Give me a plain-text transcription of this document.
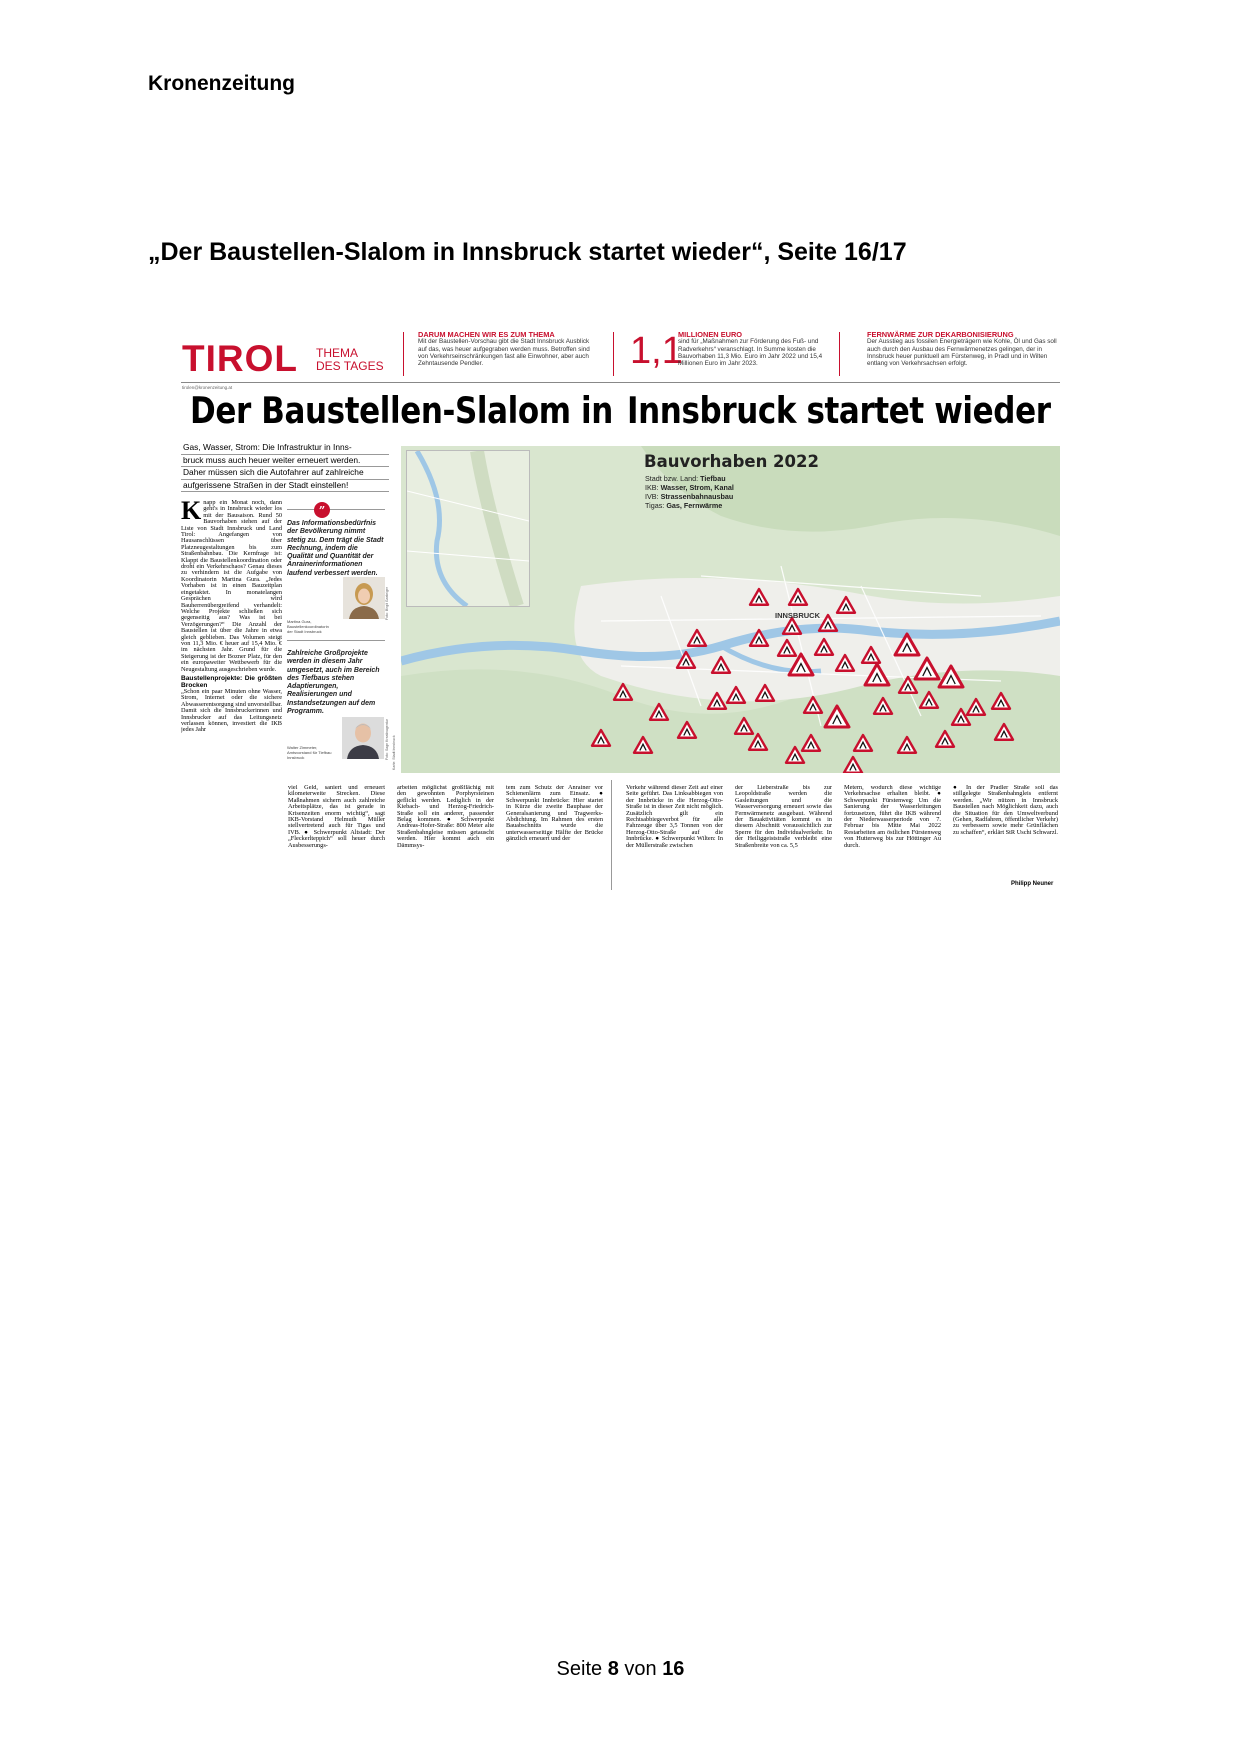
Kronenzeitung
„Der Baustellen-Slalom in Innsbruck startet wieder“, Seite 16/17
TIROL THEMA
DES TAGES
DARUM MACHEN WIR ES ZUM THEMA
Mit der Baustellen-Vorschau gibt die Stadt Innsbruck Ausblick auf das, was heuer aufgegraben werden muss. Betroffen sind von Verkehrseinschränkungen fast alle Einwohner, aber auch Zehntausende Pendler.	1,1
MILLIONEN EURO
sind für „Maßnahmen zur Förderung des Fuß- und Radverkehrs“ veranschlagt. In Summe kosten die Bauvorhaben 11,3 Mio. Euro im Jahr 2022 und 15,4 Millionen Euro im Jahr 2023.
FERNWÄRME ZUR DEKARBONISIERUNG
Der Ausstieg aus fossilen Energieträgern wie Kohle, Öl und Gas soll auch durch den Ausbau des Fernwärmenetzes gelingen, der in Innsbruck heuer punktuell am Fürstenweg, in Pradl und in Wilten entlang von Verkehrsachsen erfolgt.
tirolen@kronenzeitung.at
Der Baustellen-Slalom in Innsbruck startet wieder
Gas, Wasser, Strom: Die Infrastruktur in Inns-
bruck muss auch heuer weiter erneuert werden.
Daher müssen sich die Autofahrer auf zahlreiche
aufgerissene Straßen in der Stadt einstellen!
K napp ein Monat noch, dann geht's in Innsbruck wieder los mit der Bausaison. Rund 50 Bauvorhaben stehen auf der Liste von Stadt Innsbruck und Land Tirol: Angefangen von Hausanschlüssen über Platzneugestaltungen bis zum Straßenbahnbau. Die Kernfrage ist: Klappt die Baustellenkoordination oder droht ein Verkehrschaos? Genau dieses zu verhindern ist die Aufgabe von Koordinatorin Martina Gura. „Jedes Vorhaben ist in einen Bauzeitplan eingetaktet. In monatelangen Gesprächen wird Bauherrenübergreifend verhandelt: Welche Projekte schließen sich gegenseitig aus? Was ist bei Verzögerungen?“ Die Anzahl der Baustellen ist über die Jahre in etwa gleich geblieben. Das Volumen steigt von 11,3 Mio. € heuer auf 15,4 Mio. € im nächsten Jahr. Grund für die Steigerung ist der Bozner Platz, für den ein europaweiter Wettbewerb für die Neugestaltung ausgeschrieben wurde.
Baustellenprojekte: Die größten Brocken
„Schon ein paar Minuten ohne Wasser, Strom, Internet oder die sichere Abwasserentsorgung sind unvorstellbar. Damit sich die Innsbruckerinnen und Innsbrucker auf das Leitungsnetz verlassen können, investiert die IKB jedes Jahr
”
Das Informationsbedürfnis der Bevölkerung nimmt stetig zu. Dem trägt die Stadt Rechnung, indem die Qualität und Quantität der Anrainerinformationen laufend verbessert werden.
Martina Gura, Baustellenkoordinatorin der Stadt Innsbruck
Foto: Birgit Gasteiger
Zahlreiche Großprojekte werden in diesem Jahr umgesetzt, auch im Bereich des Tiefbaus stehen Adaptierungen, Realisierungen und Instandsetzungen auf dem Programm.
Walter Zimmeter, Amtsvorstand für Tiefbau Innsbruck	Foto: Sage Kreativagentur
Bauvorhaben 2022
Stadt bzw. Land: Tiefbau
IKB: Wasser, Strom, Kanal
IVB: Strassenbahnausbau
Tigas: Gas, Fernwärme
INNSBRUCK
Karte: Stadt Innsbruck
viel Geld, saniert und erneuert kilometerweite Strecken. Diese Maßnahmen sichern auch zahlreiche Arbeitsplätze, das ist gerade in Krisenzeiten enorm wichtig“, sagt IKB-Vorstand Helmuth Müller stellvertretend auch für Tigas und IVB. ● Schwerpunkt Altstadt: Der „Fleckerlteppich“ soll heuer durch Ausbesserungs-
arbeiten möglichst großflächig mit den gewohnten Porphyrsteinen geflickt werden. Lediglich in der Kiebach- und Herzog-Friedrich-Straße soll ein anderer, passender Belag kommen. ● Schwerpunkt Andreas-Hofer-Straße: 800 Meter alte Straßenbahngleise müssen getauscht werden. Hier kommt auch ein Dämmsys-
tem zum Schutz der Anrainer vor Schienenlärm zum Einsatz. ● Schwerpunkt Innbrücke: Hier startet in Kürze die zweite Bauphase der Generalsanierung und Tragwerks-Abdichtung. Im Rahmen des ersten Bauabschnitts wurde die unterwasserseitige Hälfte der Brücke gänzlich erneuert und der
Verkehr während dieser Zeit auf einer Seite geführt. Das Linksabbiegen von der Innbrücke in die Herzog-Otto-Straße ist in dieser Zeit nicht möglich. Zusätzlich gilt ein Rechtsabbiegeverbot für alle Fahrzeuge über 3,5 Tonnen von der Herzog-Otto-Straße auf die Innbrücke. ● Schwerpunkt Wilten: In der Müllerstraße zwischen
der Lieberstraße bis zur Leopoldstraße werden die Gasleitungen und die Wasserversorgung erneuert sowie das Fernwärmenetz ausgebaut. Während der Bauaktivitäten kommt es in diesem Abschnitt voraussichtlich zur Sperre für den Individualverkehr. In der Heiliggeiststraße verbleibt eine Straßenbreite von ca. 5,5
Metern, wodurch diese wichtige Verkehrsachse erhalten bleibt. ● Schwerpunkt Fürstenweg: Um die Sanierung der Wasserleitungen fortzusetzen, führt die IKB während der Niederwasserperiode von 7. Februar bis Mitte Mai 2022 Restarbeiten am östlichen Fürstenweg von Hutterweg bis zur Höttinger Au durch.
● In der Pradler Straße soll das stillgelegte Straßenbahngleis entfernt werden. „Wir nützen in Innsbruck Baustellen nach Möglichkeit dazu, auch die Situation für den Umweltverbund (Gehen, Radfahren, öffentlicher Verkehr) zu verbessern sowie mehr Grünflächen zu schaffen“, erklärt StR Uschi Schwarzl.
Philipp Neuner
Seite 8 von 16
